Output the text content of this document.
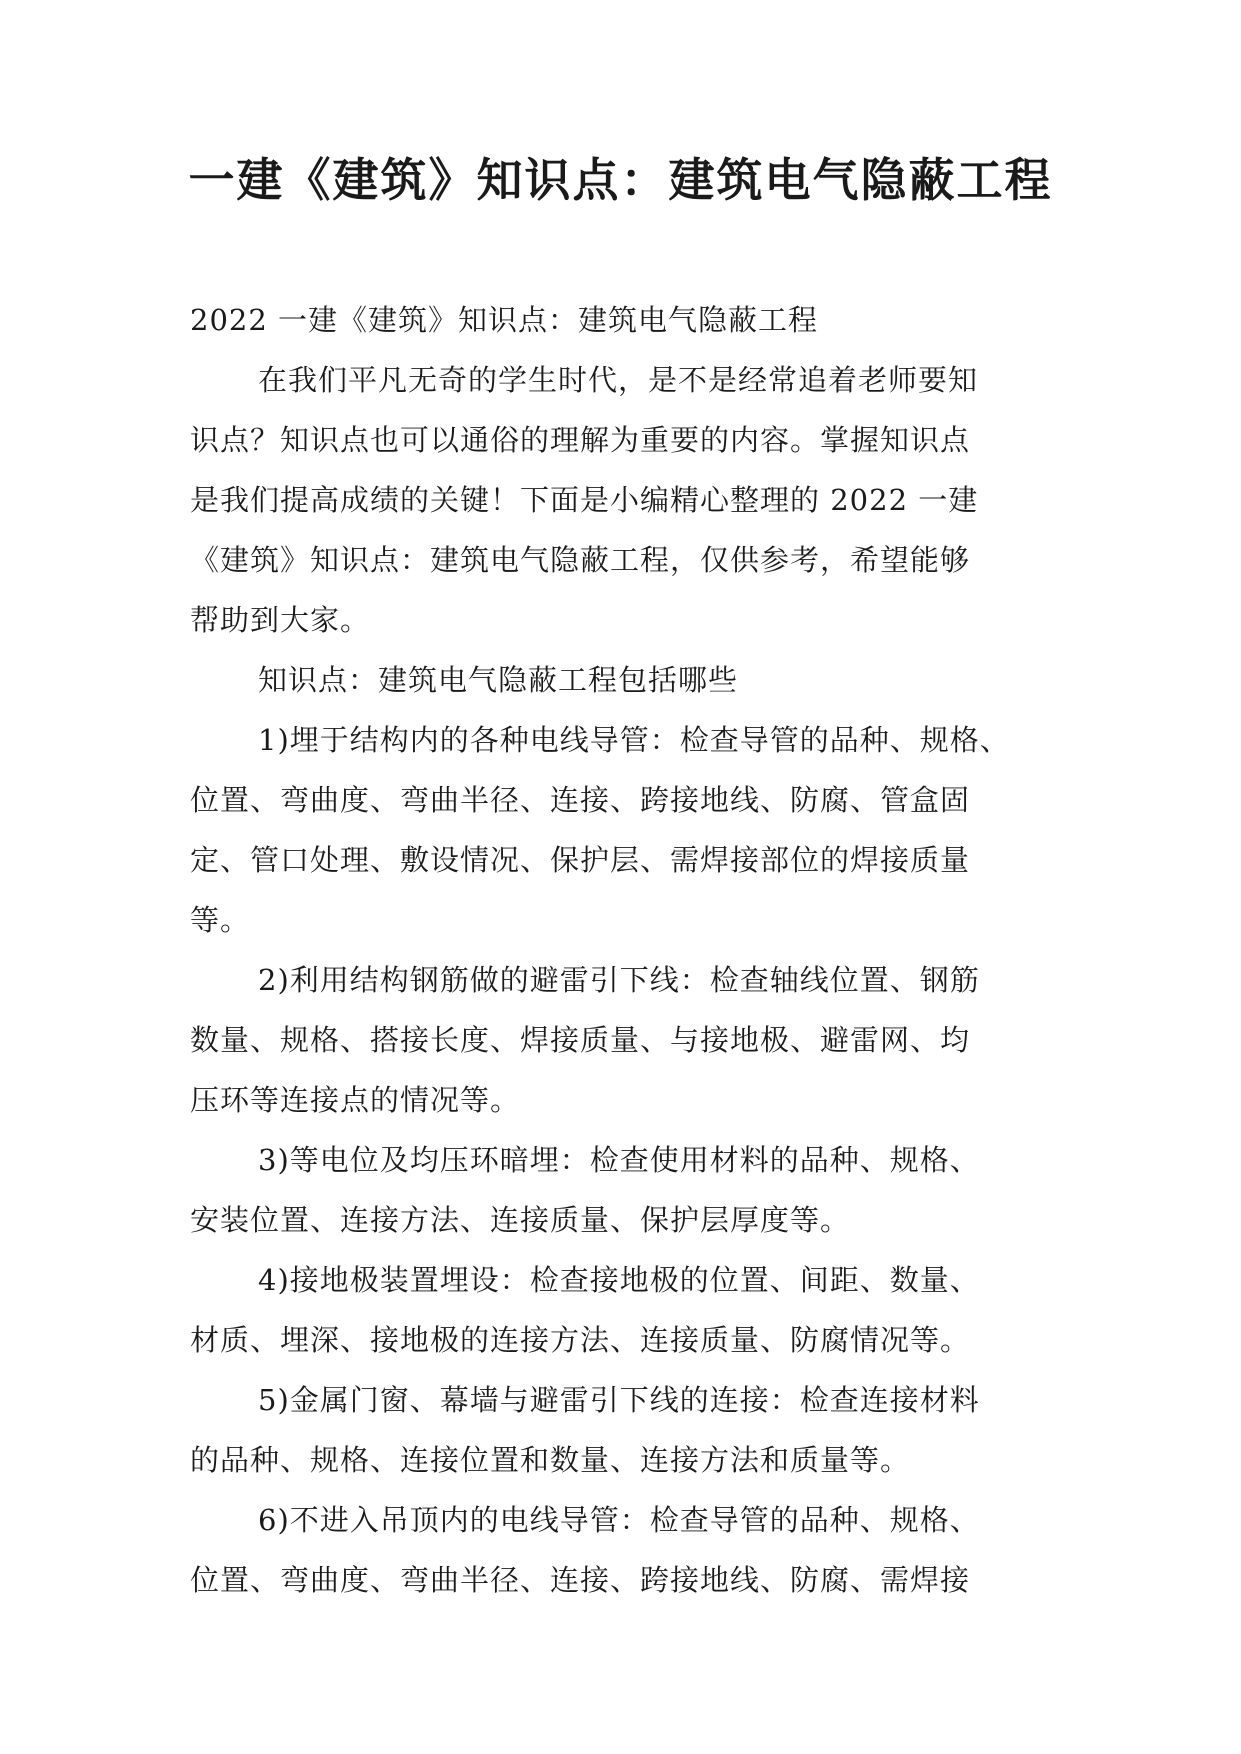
一建《建筑》知识点：建筑电气隐蔽工程

2022 一建《建筑》知识点：建筑电气隐蔽工程

在我们平凡无奇的学生时代，是不是经常追着老师要知

识点？知识点也可以通俗的理解为重要的内容。掌握知识点

是我们提高成绩的关键！下面是小编精心整理的 2022 一建

《建筑》知识点：建筑电气隐蔽工程，仅供参考，希望能够

帮助到大家。

知识点：建筑电气隐蔽工程包括哪些

1)埋于结构内的各种电线导管：检查导管的品种、规格、

位置、弯曲度、弯曲半径、连接、跨接地线、防腐、管盒固

定、管口处理、敷设情况、保护层、需焊接部位的焊接质量

等。

2)利用结构钢筋做的避雷引下线：检查轴线位置、钢筋

数量、规格、搭接长度、焊接质量、与接地极、避雷网、均

压环等连接点的情况等。

3)等电位及均压环暗埋：检查使用材料的品种、规格、

安装位置、连接方法、连接质量、保护层厚度等。

4)接地极装置埋设：检查接地极的位置、间距、数量、

材质、埋深、接地极的连接方法、连接质量、防腐情况等。

5)金属门窗、幕墙与避雷引下线的连接：检查连接材料

的品种、规格、连接位置和数量、连接方法和质量等。

6)不进入吊顶内的电线导管：检查导管的品种、规格、

位置、弯曲度、弯曲半径、连接、跨接地线、防腐、需焊接
